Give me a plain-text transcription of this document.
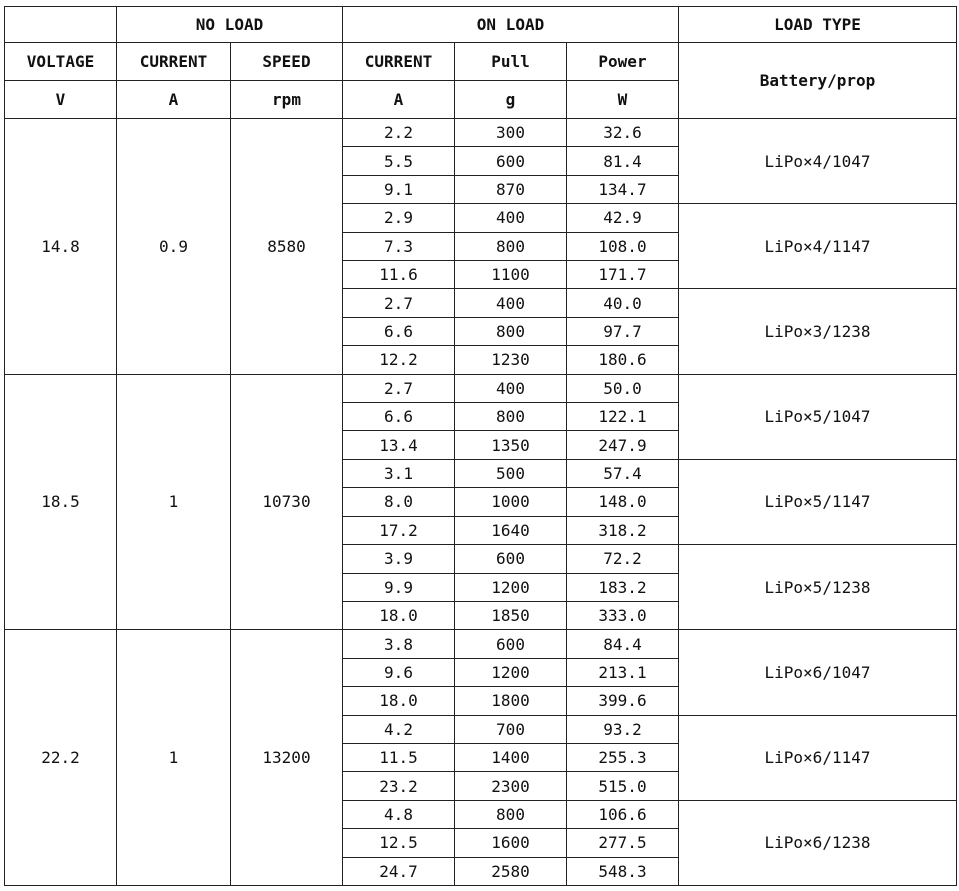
	NO LOAD		ON LOAD			LOAD TYPE
VOLTAGE	CURRENT	SPEED	CURRENT	Pull	Power	Battery/prop
V	A	rpm	A	g	W	
14.8	0.9	8580	2.2	300	32.6	LiPo×4/1047
			5.5	600	81.4	
			9.1	870	134.7	
			2.9	400	42.9	LiPo×4/1147
			7.3	800	108.0	
			11.6	1100	171.7	
			2.7	400	40.0	LiPo×3/1238
			6.6	800	97.7	
			12.2	1230	180.6	
18.5	1	10730	2.7	400	50.0	LiPo×5/1047
			6.6	800	122.1	
			13.4	1350	247.9	
			3.1	500	57.4	LiPo×5/1147
			8.0	1000	148.0	
			17.2	1640	318.2	
			3.9	600	72.2	LiPo×5/1238
			9.9	1200	183.2	
			18.0	1850	333.0	
22.2	1	13200	3.8	600	84.4	LiPo×6/1047
			9.6	1200	213.1	
			18.0	1800	399.6	
			4.2	700	93.2	LiPo×6/1147
			11.5	1400	255.3	
			23.2	2300	515.0	
			4.8	800	106.6	LiPo×6/1238
			12.5	1600	277.5	
			24.7	2580	548.3	
